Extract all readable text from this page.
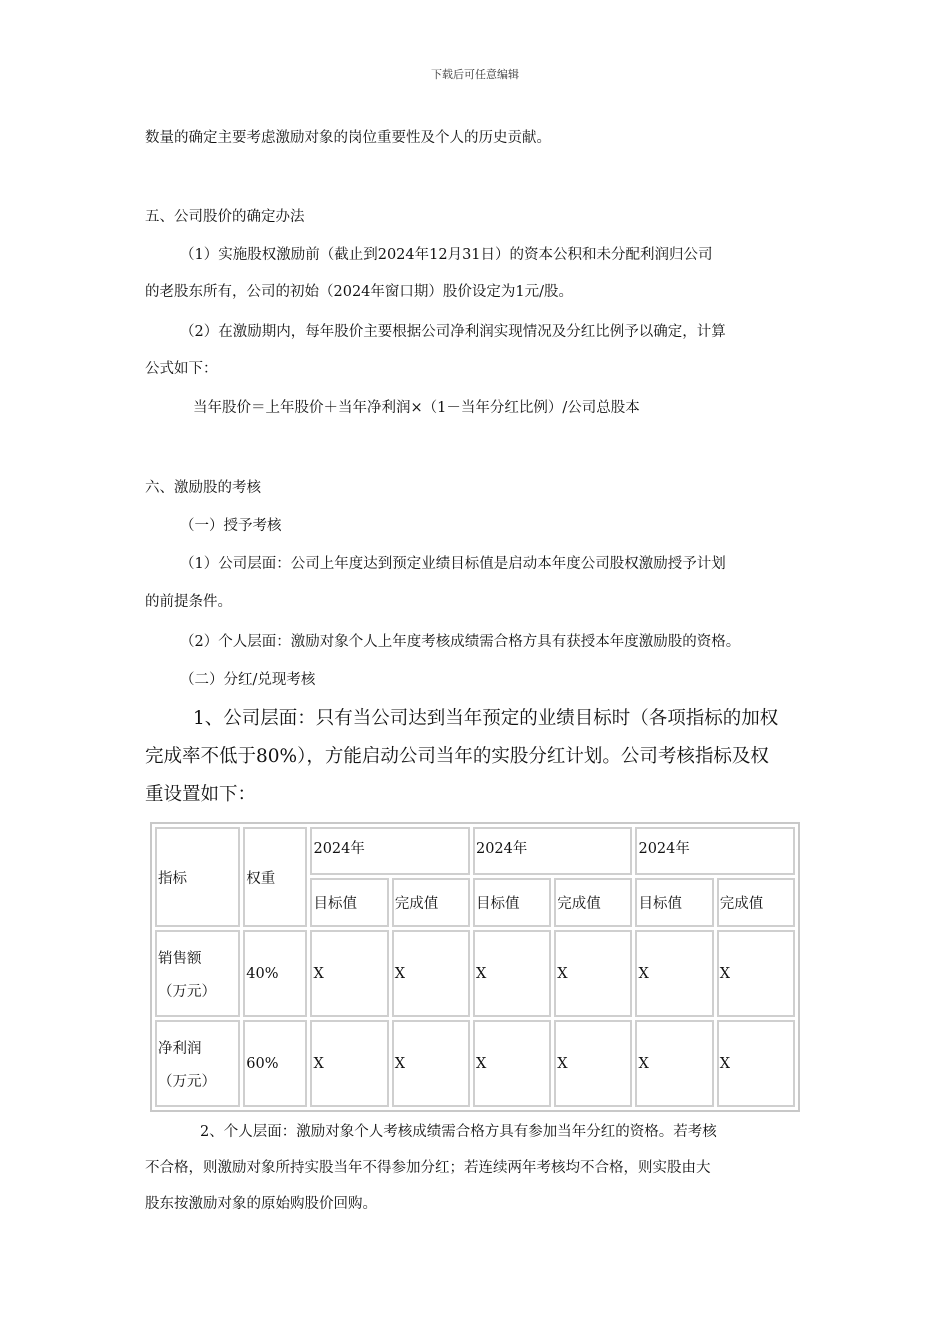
下载后可任意编辑
数量的确定主要考虑激励对象的岗位重要性及个人的历史贡献。
五、公司股价的确定办法
（1）实施股权激励前（截止到2024年12月31日）的资本公积和未分配利润归公司
的老股东所有，公司的初始（2024年窗口期）股价设定为1元/股。
（2）在激励期内，每年股价主要根据公司净利润实现情况及分红比例予以确定，计算
公式如下：
当年股价＝上年股价＋当年净利润×（1－当年分红比例）/公司总股本
六、激励股的考核
（一）授予考核
（1）公司层面：公司上年度达到预定业绩目标值是启动本年度公司股权激励授予计划
的前提条件。
（2）个人层面：激励对象个人上年度考核成绩需合格方具有获授本年度激励股的资格。
（二）分红/兑现考核
1、公司层面：只有当公司达到当年预定的业绩目标时（各项指标的加权
完成率不低于80%），方能启动公司当年的实股分红计划。公司考核指标及权
重设置如下：
指标	权重	2024年		2024年		2024年	
		目标值	完成值	目标值	完成值	目标值	完成值

销售额
（万元）	40%	X	X	X	X	X	X

净利润
（万元）	60%	X	X	X	X	X	X
2、个人层面：激励对象个人考核成绩需合格方具有参加当年分红的资格。若考核
不合格，则激励对象所持实股当年不得参加分红；若连续两年考核均不合格，则实股由大
股东按激励对象的原始购股价回购。
